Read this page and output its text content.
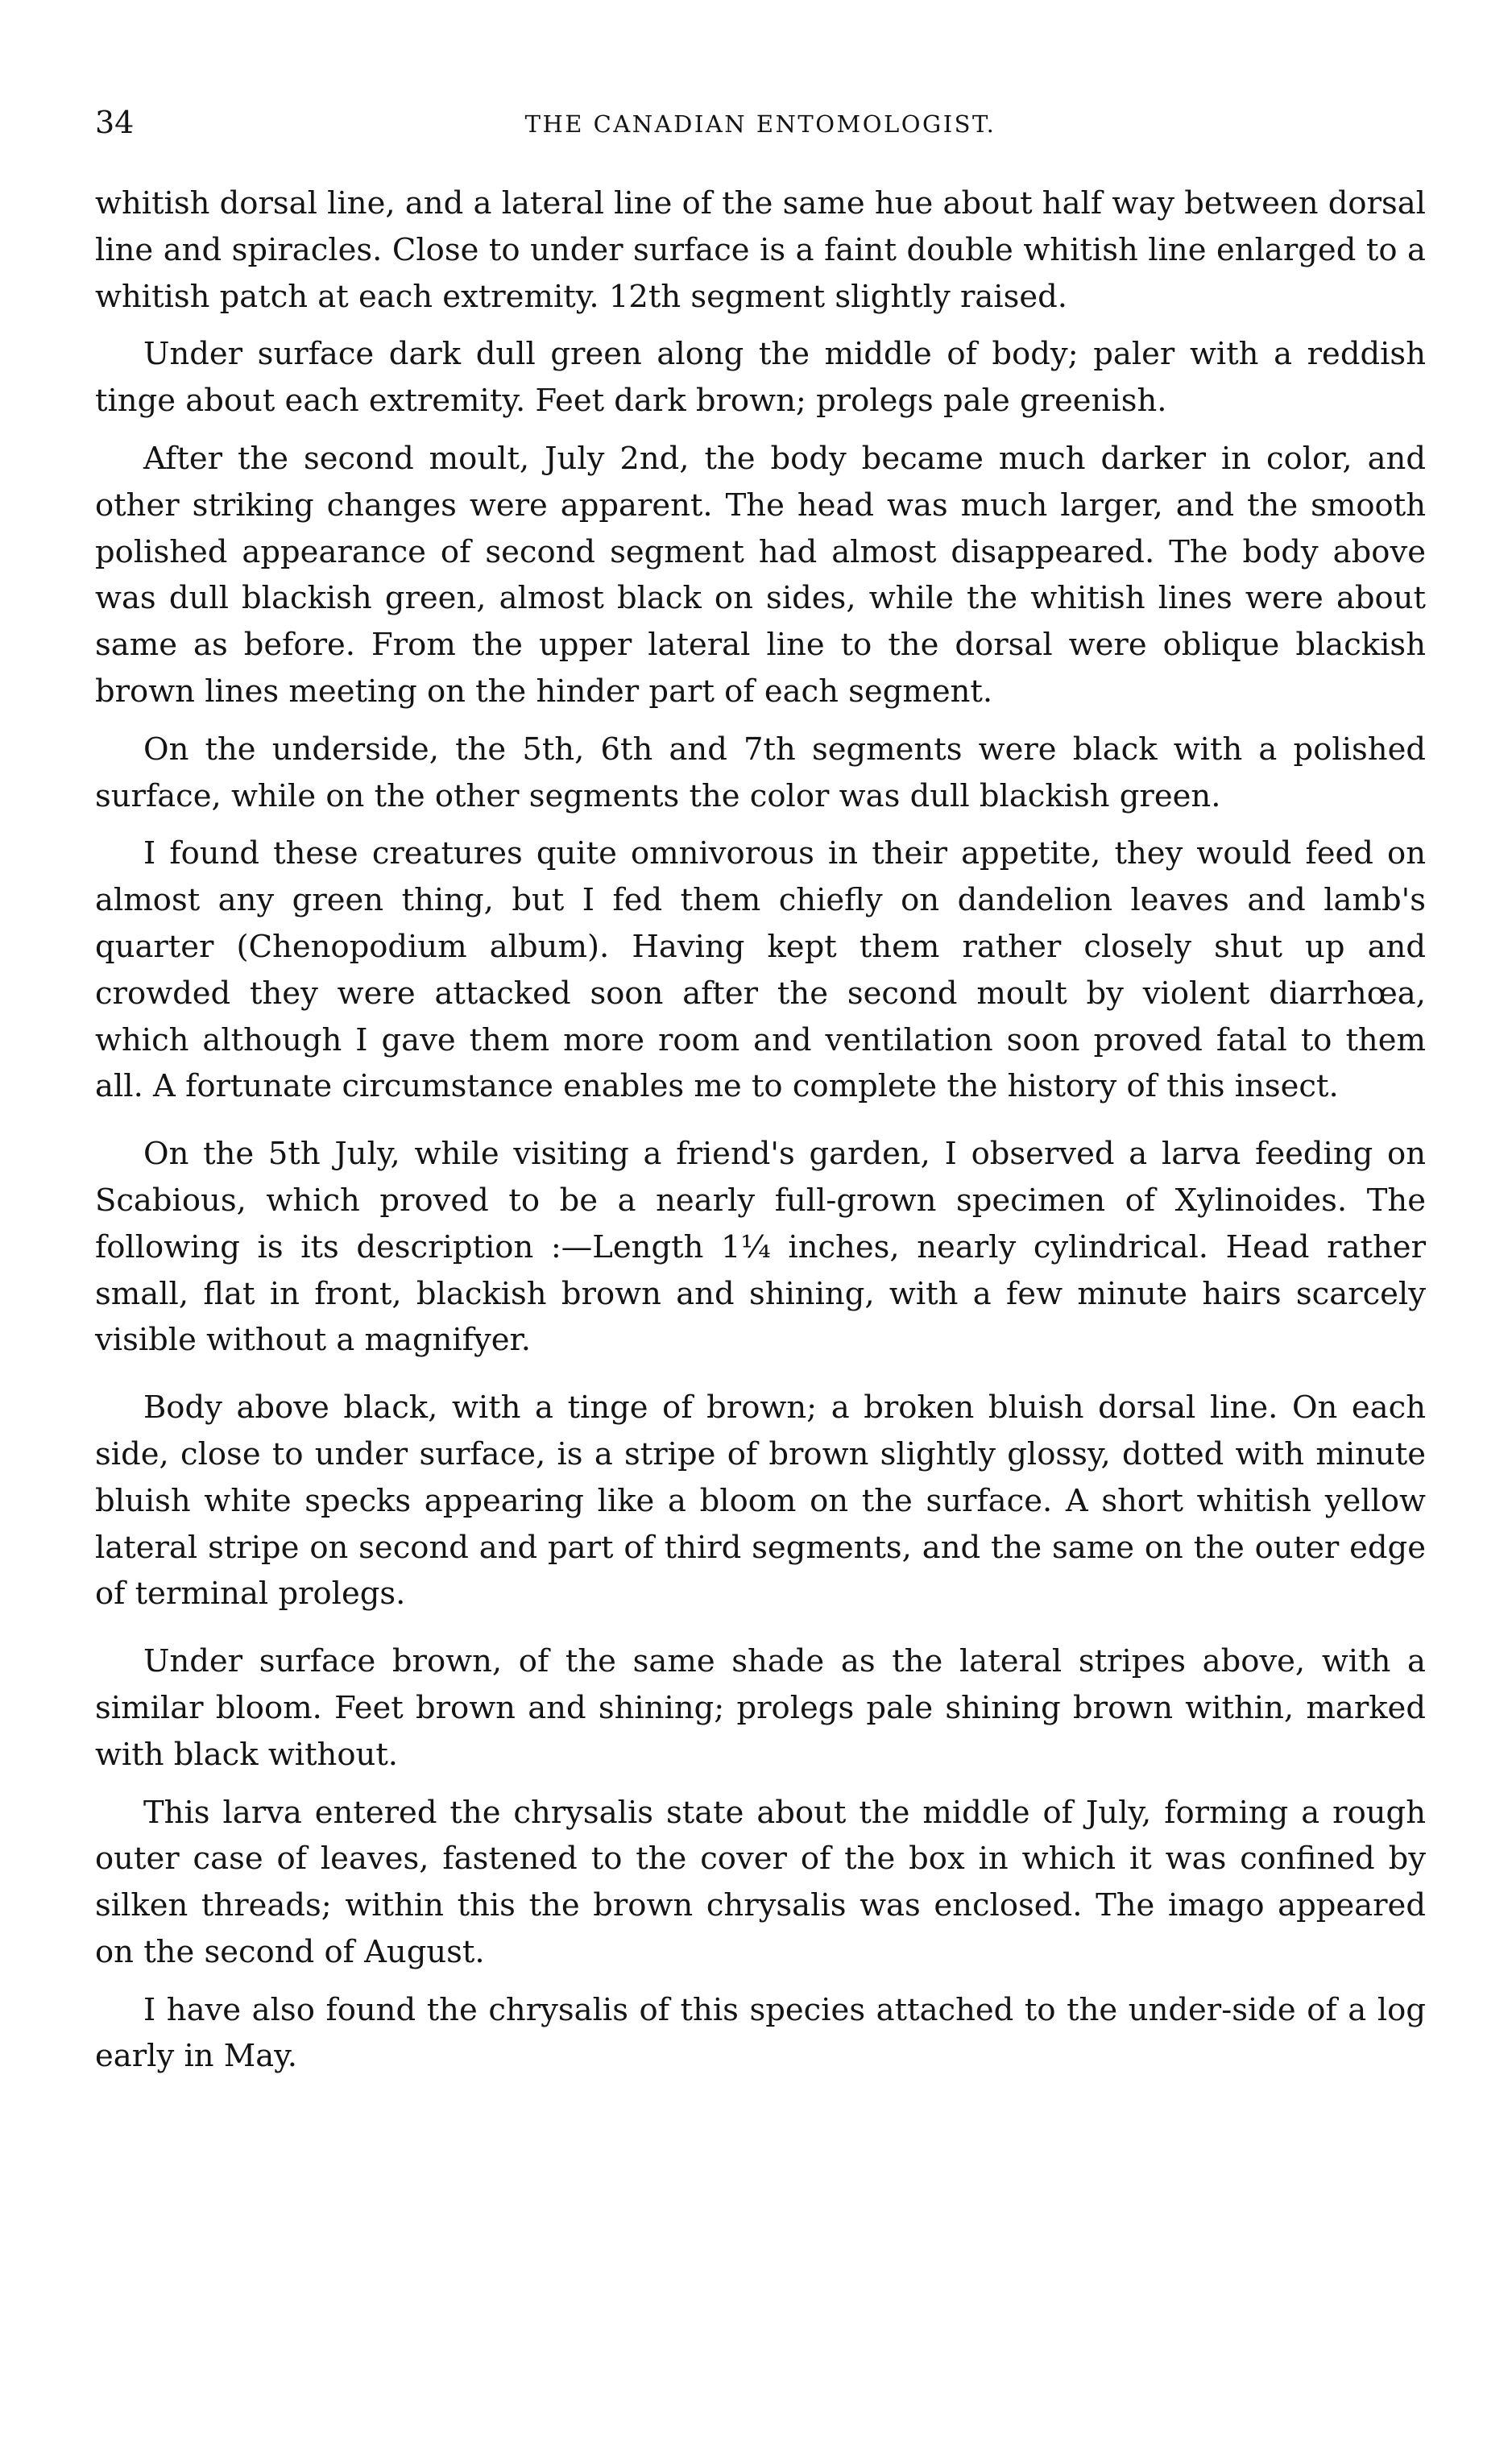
34	THE CANADIAN ENTOMOLOGIST.

whitish dorsal line, and a lateral line of the same hue about half way between dorsal line and spiracles. Close to under surface is a faint double whitish line enlarged to a whitish patch at each extremity. 12th segment slightly raised.

Under surface dark dull green along the middle of body; paler with a reddish tinge about each extremity. Feet dark brown; prolegs pale greenish.

After the second moult, July 2nd, the body became much darker in color, and other striking changes were apparent. The head was much larger, and the smooth polished appearance of second segment had almost disappeared. The body above was dull blackish green, almost black on sides, while the whitish lines were about same as before. From the upper lateral line to the dorsal were oblique blackish brown lines meeting on the hinder part of each segment.

On the underside, the 5th, 6th and 7th segments were black with a polished surface, while on the other segments the color was dull blackish green.

I found these creatures quite omnivorous in their appetite, they would feed on almost any green thing, but I fed them chiefly on dandelion leaves and lamb's quarter (Chenopodium album). Having kept them rather closely shut up and crowded they were attacked soon after the second moult by violent diarrhœa, which although I gave them more room and ventilation soon proved fatal to them all. A fortunate circumstance enables me to complete the history of this insect.

On the 5th July, while visiting a friend's garden, I observed a larva feeding on Scabious, which proved to be a nearly full-grown specimen of Xylinoides. The following is its description :—Length 1¼ inches, nearly cylindrical. Head rather small, flat in front, blackish brown and shining, with a few minute hairs scarcely visible without a magnifyer.

Body above black, with a tinge of brown; a broken bluish dorsal line. On each side, close to under surface, is a stripe of brown slightly glossy, dotted with minute bluish white specks appearing like a bloom on the surface. A short whitish yellow lateral stripe on second and part of third segments, and the same on the outer edge of terminal prolegs.

Under surface brown, of the same shade as the lateral stripes above, with a similar bloom. Feet brown and shining; prolegs pale shining brown within, marked with black without.

This larva entered the chrysalis state about the middle of July, forming a rough outer case of leaves, fastened to the cover of the box in which it was confined by silken threads; within this the brown chrysalis was enclosed. The imago appeared on the second of August.

I have also found the chrysalis of this species attached to the under-side of a log early in May.
